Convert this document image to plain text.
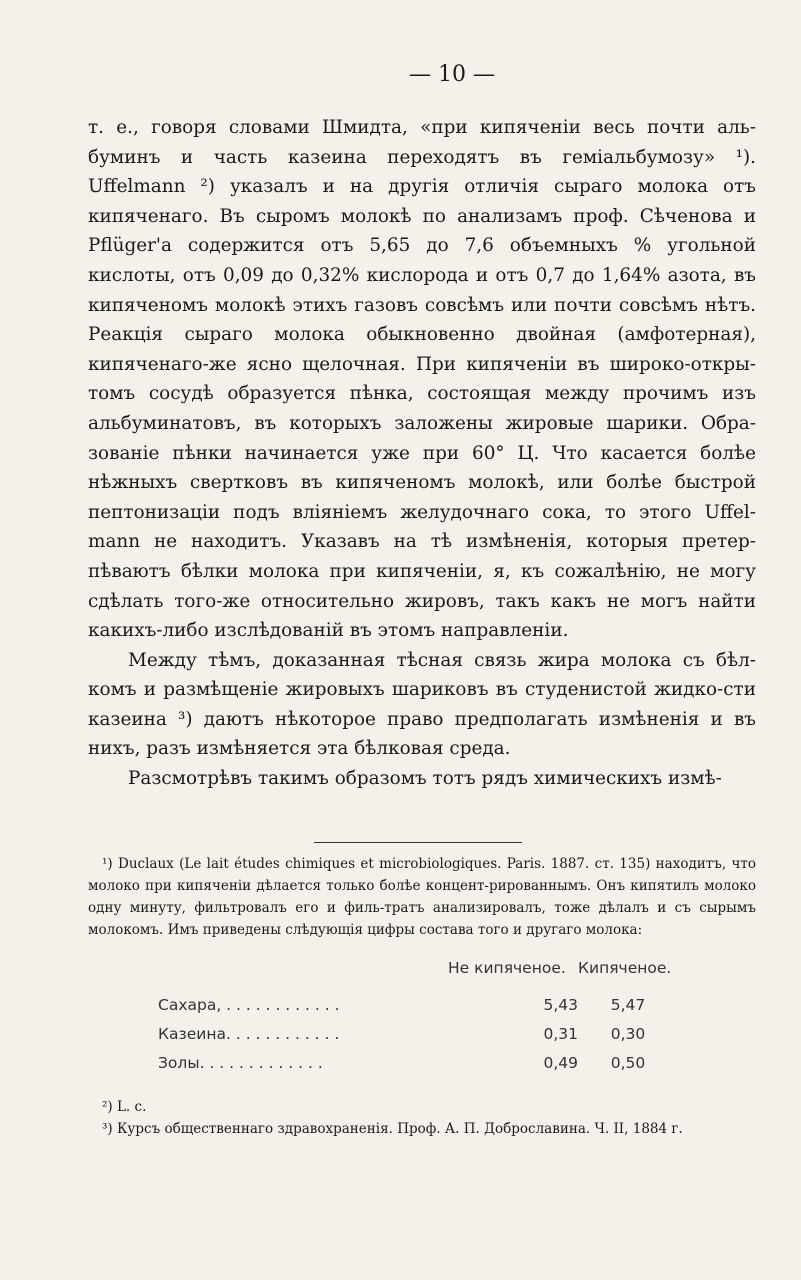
— 10 —

т. е., говоря словами Шмидта, «при кипяченіи весь почти аль-буминъ и часть казеина переходятъ въ геміальбумозу» ¹). Uffelmann ²) указалъ и на другія отличія сыраго молока отъ кипяченаго. Въ сыромъ молокѣ по анализамъ проф. Сѣченова и Pflüger'а содержится отъ 5,65 до 7,6 объемныхъ % угольной кислоты, отъ 0,09 до 0,32% кислорода и отъ 0,7 до 1,64% азота, въ кипяченомъ молокѣ этихъ газовъ совсѣмъ или почти совсѣмъ нѣтъ. Реакція сыраго молока обыкновенно двойная (амфотерная), кипяченаго-же ясно щелочная. При кипяченіи въ широко-откры-томъ сосудѣ образуется пѣнка, состоящая между прочимъ изъ альбуминатовъ, въ которыхъ заложены жировые шарики. Обра-зованіе пѣнки начинается уже при 60° Ц. Что касается болѣе нѣжныхъ свертковъ въ кипяченомъ молокѣ, или болѣе быстрой пептонизаціи подъ вліяніемъ желудочнаго сока, то этого Uffel-mann не находитъ. Указавъ на тѣ измѣненія, которыя претер-пѣваютъ бѣлки молока при кипяченіи, я, къ сожалѣнію, не могу сдѣлать того-же относительно жировъ, такъ какъ не могъ найти какихъ-либо изслѣдованій въ этомъ направленіи.

Между тѣмъ, доказанная тѣсная связь жира молока съ бѣл-комъ и размѣщеніе жировыхъ шариковъ въ студенистой жидко-сти казеина ³) даютъ нѣкоторое право предполагать измѣненія и въ нихъ, разъ измѣняется эта бѣлковая среда.

Разсмотрѣвъ такимъ образомъ тотъ рядъ химическихъ измѣ-

¹) Duclaux (Le lait études chimiques et microbiologiques. Paris. 1887. ст. 135) находитъ, что молоко при кипяченіи дѣлается только болѣе концент-рированнымъ. Онъ кипятилъ молоко одну минуту, фильтровалъ его и филь-тратъ анализировалъ, тоже дѣлалъ и съ сырымъ молокомъ. Имъ приведены слѣдующія цифры состава того и другаго молока:

	Не кипяченое.	Кипяченое.
Сахара, . . . . . . . . . . . .	5,43	5,47
Казеина. . . . . . . . . . . .	0,31	0,30
Золы. . . . . . . . . . . . .	0,49	0,50

²) L. c.

³) Курсъ общественнаго здравохраненія. Проф. А. П. Доброславина. Ч. II, 1884 г.
